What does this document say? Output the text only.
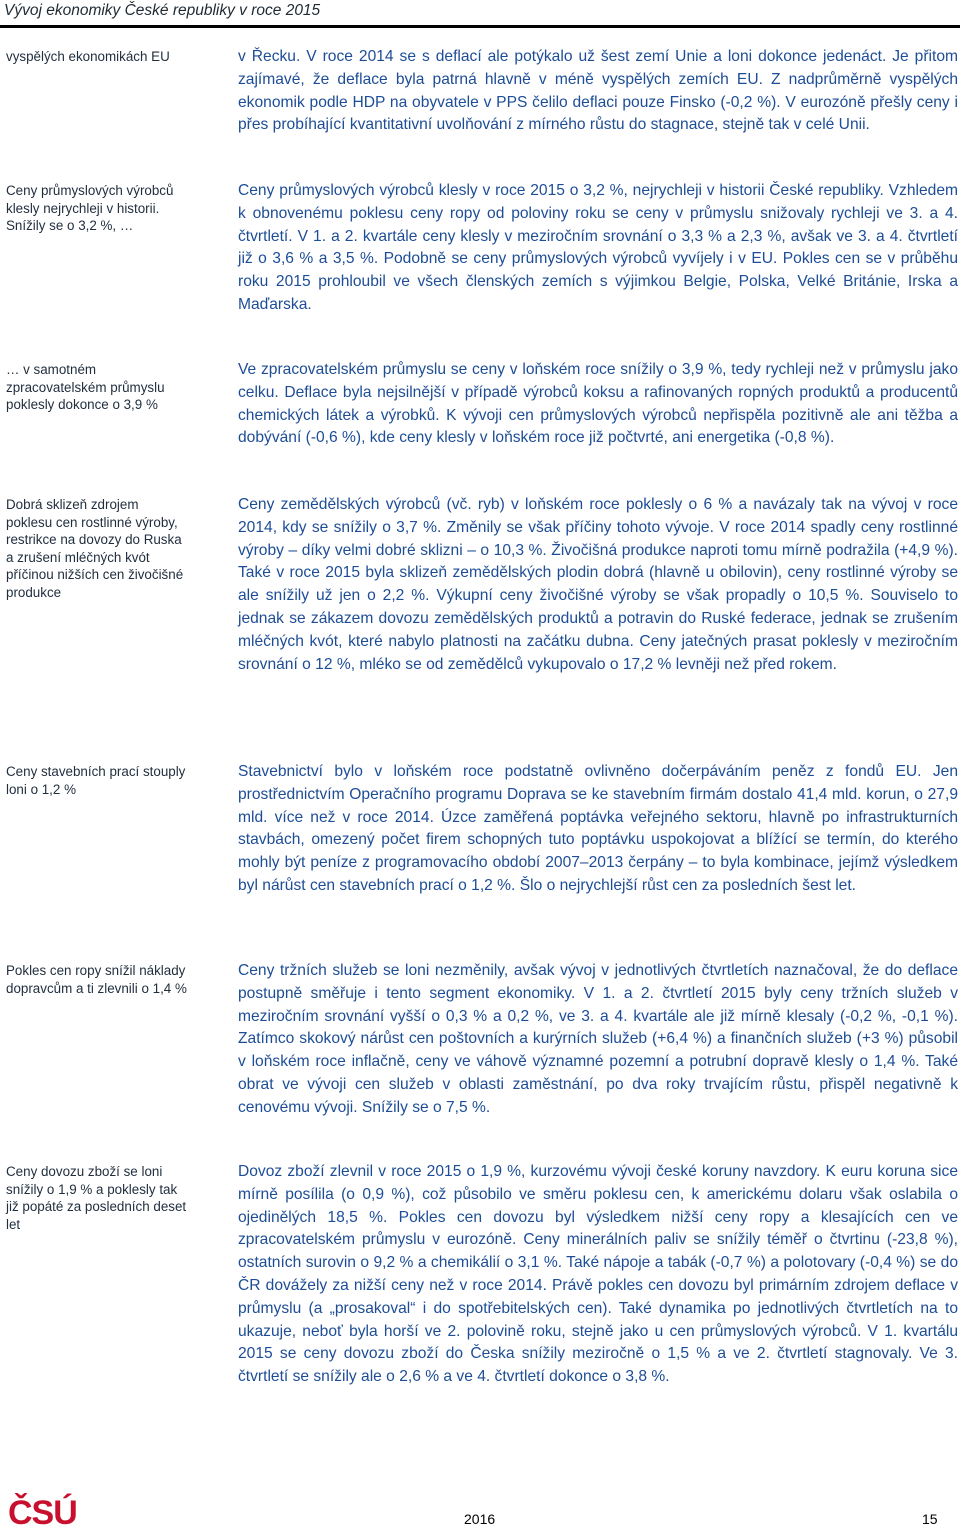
Vývoj ekonomiky České republiky v roce 2015
vyspělých ekonomikách EU
Ceny průmyslových výrobců klesly nejrychleji v historii. Snížily se o 3,2 %, …
… v samotném zpracovatelském průmyslu poklesly dokonce o 3,9 %
Dobrá sklizeň zdrojem poklesu cen rostlinné výroby, restrikce na dovozy do Ruska a zrušení mléčných kvót příčinou nižších cen živočišné produkce
Ceny stavebních prací stouply loni o 1,2 %
Pokles cen ropy snížil náklady dopravcům a ti zlevnili o 1,4 %
Ceny dovozu zboží se loni snížily o 1,9 % a poklesly tak již popáté za posledních deset let

v Řecku. V roce 2014 se s deflací ale potýkalo už šest zemí Unie a loni dokonce jedenáct. Je přitom zajímavé, že deflace byla patrná hlavně v méně vyspělých zemích EU. Z nadprůměrně vyspělých ekonomik podle HDP na obyvatele v PPS čelilo deflaci pouze Finsko (-0,2 %). V eurozóně přešly ceny i přes probíhající kvantitativní uvolňování z mírného růstu do stagnace, stejně tak v celé Unii.

Ceny průmyslových výrobců klesly v roce 2015 o 3,2 %, nejrychleji v historii České republiky. Vzhledem k obnovenému poklesu ceny ropy od poloviny roku se ceny v průmyslu snižovaly rychleji ve 3. a 4. čtvrtletí. V 1. a 2. kvartále ceny klesly v meziročním srovnání o 3,3 % a 2,3 %, avšak ve 3. a 4. čtvrtletí již o 3,6 % a 3,5 %. Podobně se ceny průmyslových výrobců vyvíjely i v EU. Pokles cen se v průběhu roku 2015 prohloubil ve všech členských zemích s výjimkou Belgie, Polska, Velké Británie, Irska a Maďarska.

Ve zpracovatelském průmyslu se ceny v loňském roce snížily o 3,9 %, tedy rychleji než v průmyslu jako celku. Deflace byla nejsilnější v případě výrobců koksu a rafinovaných ropných produktů a producentů chemických látek a výrobků. K vývoji cen průmyslových výrobců nepřispěla pozitivně ale ani těžba a dobývání (-0,6 %), kde ceny klesly v loňském roce již počtvrté, ani energetika (-0,8 %).

Ceny zemědělských výrobců (vč. ryb) v loňském roce poklesly o 6 % a navázaly tak na vývoj v roce 2014, kdy se snížily o 3,7 %. Změnily se však příčiny tohoto vývoje. V roce 2014 spadly ceny rostlinné výroby – díky velmi dobré sklizni – o 10,3 %. Živočišná produkce naproti tomu mírně podražila (+4,9 %). Také v roce 2015 byla sklizeň zemědělských plodin dobrá (hlavně u obilovin), ceny rostlinné výroby se ale snížily už jen o 2,2 %. Výkupní ceny živočišné výroby se však propadly o 10,5 %. Souviselo to jednak se zákazem dovozu zemědělských produktů a potravin do Ruské federace, jednak se zrušením mléčných kvót, které nabylo platnosti na začátku dubna. Ceny jatečných prasat poklesly v meziročním srovnání o 12 %, mléko se od zemědělců vykupovalo o 17,2 % levněji než před rokem.

Stavebnictví bylo v loňském roce podstatně ovlivněno dočerpáváním peněz z fondů EU. Jen prostřednictvím Operačního programu Doprava se ke stavebním firmám dostalo 41,4 mld. korun, o 27,9 mld. více než v roce 2014. Úzce zaměřená poptávka veřejného sektoru, hlavně po infrastrukturních stavbách, omezený počet firem schopných tuto poptávku uspokojovat a blížící se termín, do kterého mohly být peníze z programovacího období 2007–2013 čerpány – to byla kombinace, jejímž výsledkem byl nárůst cen stavebních prací o 1,2 %. Šlo o nejrychlejší růst cen za posledních šest let.

Ceny tržních služeb se loni nezměnily, avšak vývoj v jednotlivých čtvrtletích naznačoval, že do deflace postupně směřuje i tento segment ekonomiky. V 1. a 2. čtvrtletí 2015 byly ceny tržních služeb v meziročním srovnání vyšší o 0,3 % a 0,2 %, ve 3. a 4. kvartále ale již mírně klesaly (-0,2 %, -0,1 %). Zatímco skokový nárůst cen poštovních a kurýrních služeb (+6,4 %) a finančních služeb (+3 %) působil v loňském roce inflačně, ceny ve váhově významné pozemní a potrubní dopravě klesly o 1,4 %. Také obrat ve vývoji cen služeb v oblasti zaměstnání, po dva roky trvajícím růstu, přispěl negativně k cenovému vývoji. Snížily se o 7,5 %.

Dovoz zboží zlevnil v roce 2015 o 1,9 %, kurzovému vývoji české koruny navzdory. K euru koruna sice mírně posílila (o 0,9 %), což působilo ve směru poklesu cen, k americkému dolaru však oslabila o ojedinělých 18,5 %. Pokles cen dovozu byl výsledkem nižší ceny ropy a klesajících cen ve zpracovatelském průmyslu v eurozóně. Ceny minerálních paliv se snížily téměř o čtvrtinu (-23,8 %), ostatních surovin o 9,2 % a chemikálií o 3,1 %. Také nápoje a tabák (-0,7 %) a polotovary (-0,4 %) se do ČR dovážely za nižší ceny než v roce 2014. Právě pokles cen dovozu byl primárním zdrojem deflace v průmyslu (a „prosakoval“ i do spotřebitelských cen). Také dynamika po jednotlivých čtvrtletích na to ukazuje, neboť byla horší ve 2. polovině roku, stejně jako u cen průmyslových výrobců. V 1. kvartálu 2015 se ceny dovozu zboží do Česka snížily meziročně o 1,5 % a ve 2. čtvrtletí stagnovaly. Ve 3. čtvrtletí se snížily ale o 2,6 % a ve 4. čtvrtletí dokonce o 3,8 %.

ČSÚ	2016	15
